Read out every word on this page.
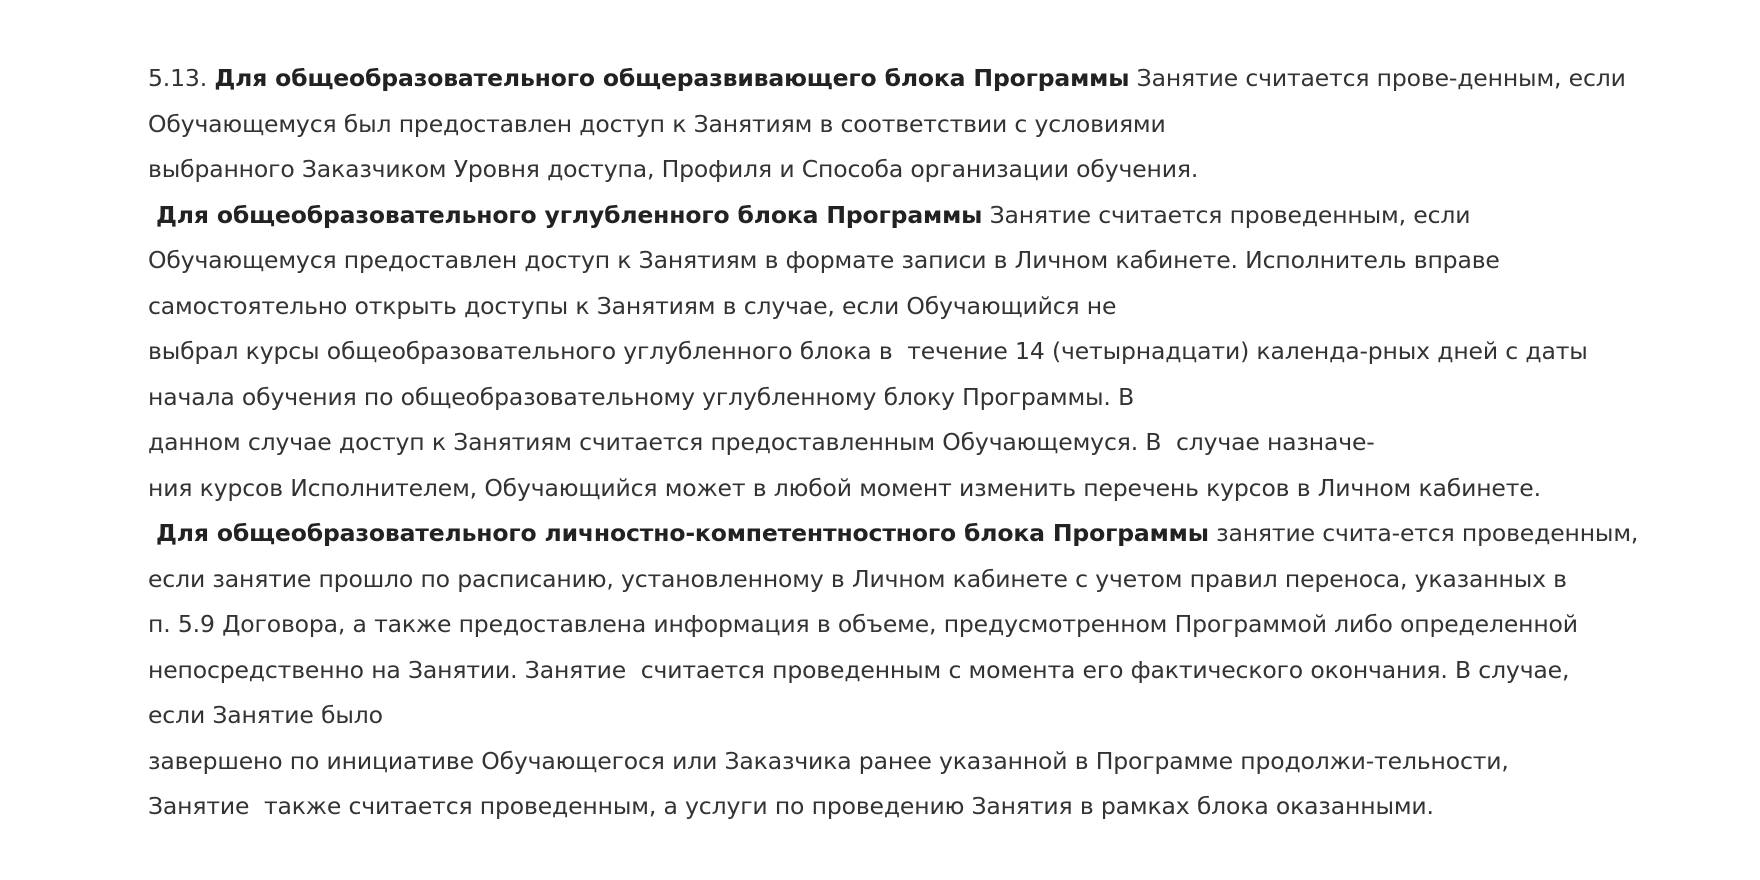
5.13. Для общеобразовательного общеразвивающего блока Программы Занятие считается прове-денным, если
Обучающемуся был предоставлен доступ к Занятиям в соответствии с условиями
выбранного Заказчиком Уровня доступа, Профиля и Способа организации обучения.
Для общеобразовательного углубленного блока Программы Занятие считается проведенным, если
Обучающемуся предоставлен доступ к Занятиям в формате записи в Личном кабинете. Исполнитель вправе
самостоятельно открыть доступы к Занятиям в случае, если Обучающийся не
выбрал курсы общеобразовательного углубленного блока в  течение 14 (четырнадцати) календа-рных дней с даты
начала обучения по общеобразовательному углубленному блоку Программы. В
данном случае доступ к Занятиям считается предоставленным Обучающемуся. В  случае назначе-
ния курсов Исполнителем, Обучающийся может в любой момент изменить перечень курсов в Личном кабинете.
Для общеобразовательного личностно-компетентностного блока Программы занятие счита-ется проведенным,
если занятие прошло по расписанию, установленному в Личном кабинете с учетом правил переноса, указанных в
п. 5.9 Договора, а также предоставлена информация в объеме, предусмотренном Программой либо определенной
непосредственно на Занятии. Занятие  считается проведенным с момента его фактического окончания. В случае,
если Занятие было
завершено по инициативе Обучающегося или Заказчика ранее указанной в Программе продолжи-тельности,
Занятие  также считается проведенным, а услуги по проведению Занятия в рамках блока оказанными.
